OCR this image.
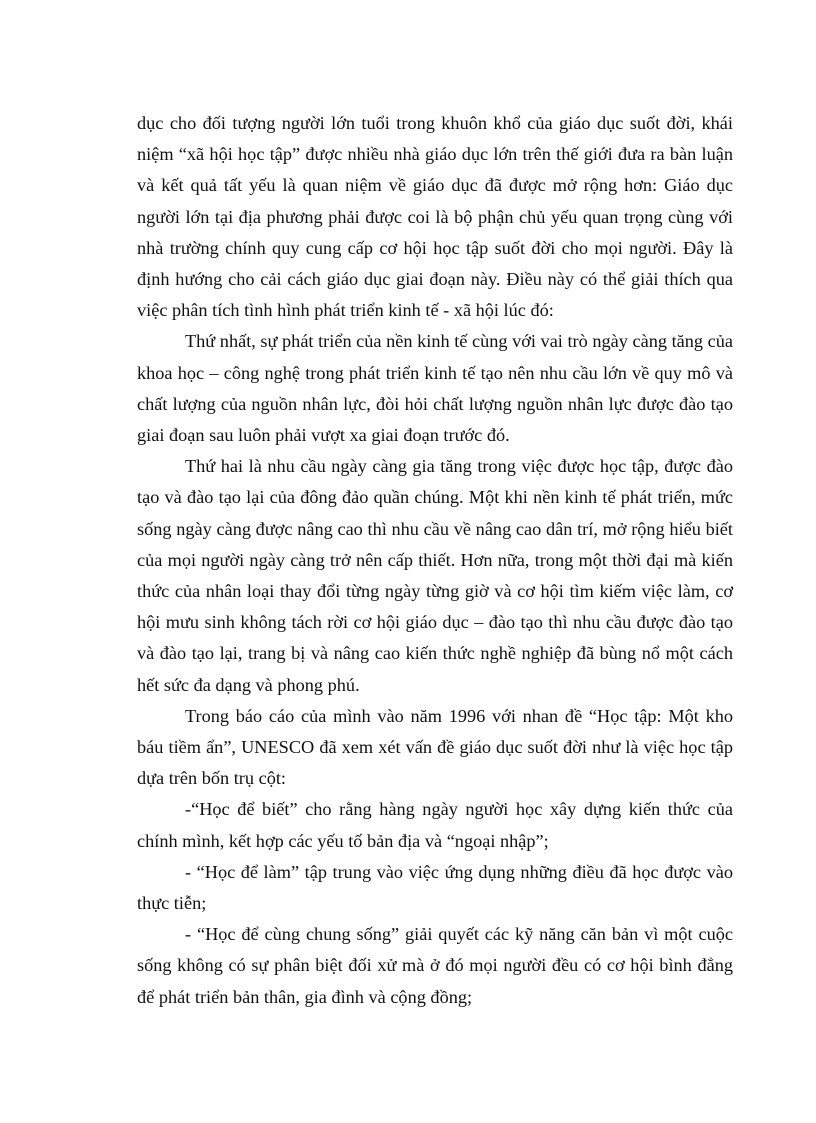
dục cho đối tượng người lớn tuổi trong khuôn khổ của giáo dục suốt đời, khái niệm “xã hội học tập” được nhiều nhà giáo dục lớn trên thế giới đưa ra bàn luận và kết quả tất yếu là quan niệm về giáo dục đã được mở rộng hơn: Giáo dục người lớn tại địa phương phải được coi là bộ phận chủ yếu quan trọng cùng với nhà trường chính quy cung cấp cơ hội học tập suốt đời cho mọi người. Đây là định hướng cho cải cách giáo dục giai đoạn này. Điều này có thể giải thích qua việc phân tích tình hình phát triển kinh tế - xã hội lúc đó:

Thứ nhất, sự phát triển của nền kinh tế cùng với vai trò ngày càng tăng của khoa học – công nghệ trong phát triển kinh tế tạo nên nhu cầu lớn về quy mô và chất lượng của nguồn nhân lực, đòi hỏi chất lượng nguồn nhân lực được đào tạo giai đoạn sau luôn phải vượt xa giai đoạn trước đó.

Thứ hai là nhu cầu ngày càng gia tăng trong việc được học tập, được đào tạo và đào tạo lại của đông đảo quần chúng. Một khi nền kinh tế phát triển, mức sống ngày càng được nâng cao thì nhu cầu về nâng cao dân trí, mở rộng hiểu biết của mọi người ngày càng trở nên cấp thiết. Hơn nữa, trong một thời đại mà kiến thức của nhân loại thay đổi từng ngày từng giờ và cơ hội tìm kiếm việc làm, cơ hội mưu sinh không tách rời cơ hội giáo dục – đào tạo thì nhu cầu được đào tạo và đào tạo lại, trang bị và nâng cao kiến thức nghề nghiệp đã bùng nổ một cách hết sức đa dạng và phong phú.

Trong báo cáo của mình vào năm 1996 với nhan đề “Học tập: Một kho báu tiềm ẩn”, UNESCO đã xem xét vấn đề giáo dục suốt đời như là việc học tập dựa trên bốn trụ cột:

-“Học để biết” cho rằng hàng ngày người học xây dựng kiến thức của chính mình, kết hợp các yếu tố bản địa và “ngoại nhập”;

- “Học để làm” tập trung vào việc ứng dụng những điều đã học được vào thực tiễn;

- “Học để cùng chung sống” giải quyết các kỹ năng căn bản vì một cuộc sống không có sự phân biệt đối xử mà ở đó mọi người đều có cơ hội bình đẳng để phát triển bản thân, gia đình và cộng đồng;
